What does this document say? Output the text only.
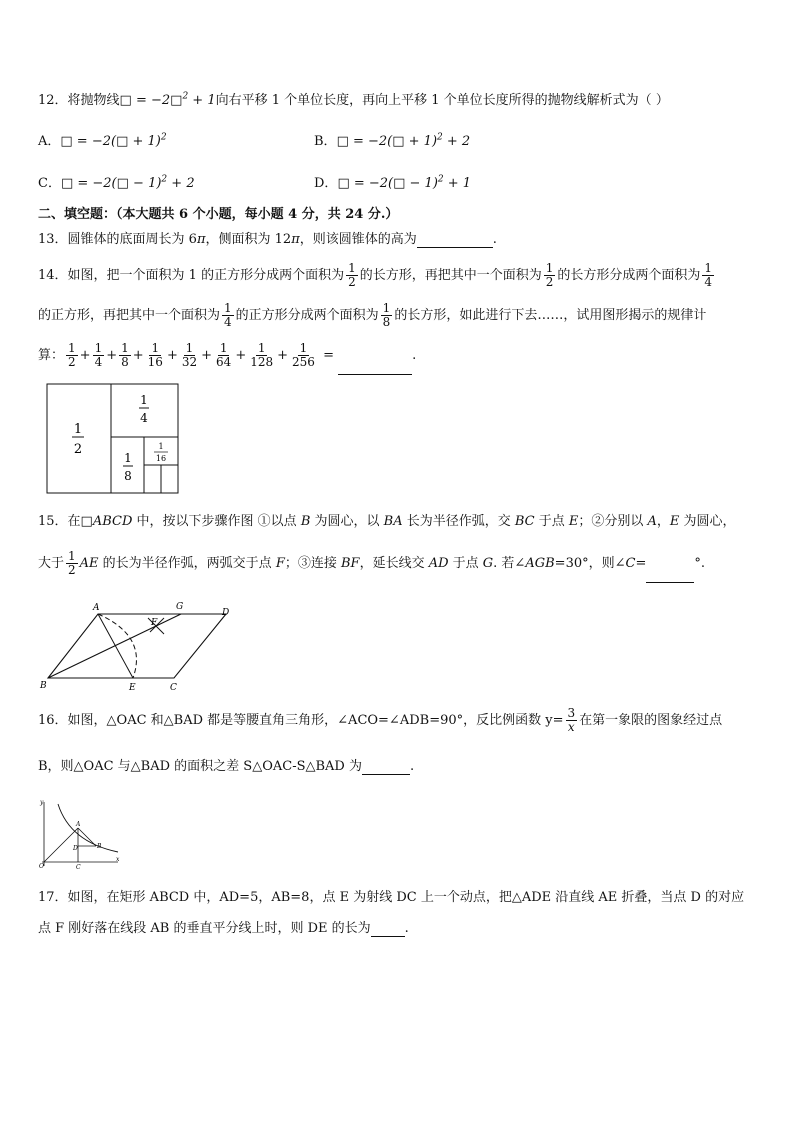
12．将抛物线□ = −2□$^2$ + 1向右平移 1 个单位长度，再向上平移 1 个单位长度所得的抛物线解析式为（ ）
A．□ = −2(□ + 1)$^2$	B．□ = −2(□ + 1)$^2$ + 2
C．□ = −2(□ − 1)$^2$ + 2	D．□ = −2(□ − 1)$^2$ + 1
二、填空题：（本大题共 6 个小题，每小题 4 分，共 24 分.）
13．圆锥体的底面周长为 6π，侧面积为 12π，则该圆锥体的高为	.
14．如图，把一个面积为 1 的正方形分成两个面积为 $\frac{1}{2}$ 的长方形，再把其中一个面积为 $\frac{1}{2}$ 的长方形分成两个面积为 $\frac{1}{4}$
的正方形，再把其中一个面积为 $\frac{1}{4}$ 的正方形分成两个面积为 $\frac{1}{8}$ 的长方形，如此进行下去……，试用图形揭示的规律计
算： $\frac{1}{2} + \frac{1}{4} + \frac{1}{8} + \frac{1}{16} + \frac{1}{32} + \frac{1}{64} + \frac{1}{128} + \frac{1}{256}$ =	.
1
2
1
4
1
8
1
16
15．在□ABCD 中，按以下步骤作图 ①以点 B 为圆心，以 BA 长为半径作弧，交 BC 于点 E；②分别以 A，E 为圆心，
大于 $\frac{1}{2}$ AE 的长为半径作弧，两弧交于点 F；③连接 BF，延长线交 AD 于点 G. 若∠AGB=30°，则∠C=	°.
A	G
D
F
B	E	C
16．如图，△OAC 和△BAD 都是等腰直角三角形，∠ACO=∠ADB=90°，反比例函数 $y= \frac{3}{x}$ 在第一象限的图象经过点
B，则△OAC 与△BAD 的面积之差 S△OAC-S△BAD 为	.
y
x
O
A
B
C
D
17．如图，在矩形 ABCD 中，AD=5，AB=8，点 E 为射线 DC 上一个动点，把△ADE 沿直线 AE 折叠，当点 D 的对应
点 F 刚好落在线段 AB 的垂直平分线上时，则 DE 的长为	.
